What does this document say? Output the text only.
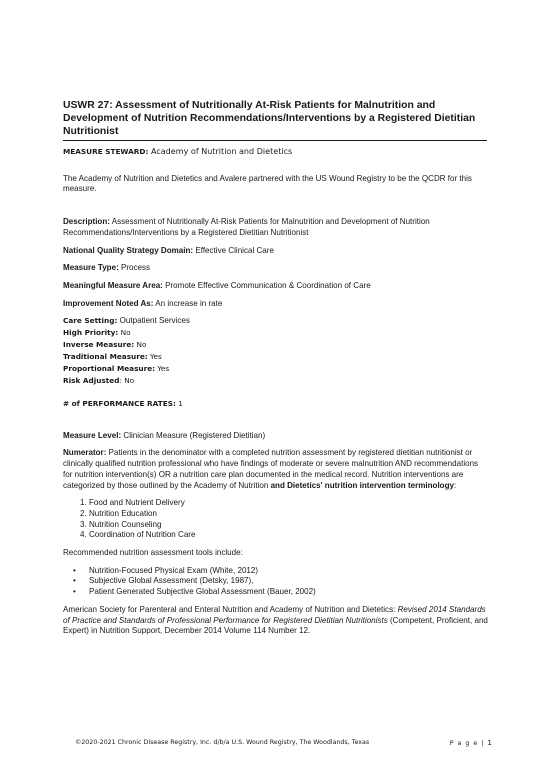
USWR 27: Assessment of Nutritionally At-Risk Patients for Malnutrition and Development of Nutrition Recommendations/Interventions by a Registered Dietitian Nutritionist

MEASURE STEWARD: Academy of Nutrition and Dietetics

The Academy of Nutrition and Dietetics and Avalere partnered with the US Wound Registry to be the QCDR for this measure.

Description: Assessment of Nutritionally At-Risk Patients for Malnutrition and Development of Nutrition Recommendations/Interventions by a Registered Dietitian Nutritionist

National Quality Strategy Domain: Effective Clinical Care

Measure Type: Process

Meaningful Measure Area: Promote Effective Communication & Coordination of Care

Improvement Noted As: An increase in rate

Care Setting: Outpatient Services

High Priority: No

Inverse Measure: No

Traditional Measure: Yes

Proportional Measure: Yes

Risk Adjusted: No

# of PERFORMANCE RATES: 1

Measure Level: Clinician Measure (Registered Dietitian)

Numerator: Patients in the denominator with a completed nutrition assessment by registered dietitian nutritionist or clinically qualified nutrition professional who have findings of moderate or severe malnutrition AND recommendations for nutrition intervention(s) OR a nutrition care plan documented in the medical record. Nutrition interventions are categorized by those outlined by the Academy of Nutrition and Dietetics' nutrition intervention terminology:

1. Food and Nutrient Delivery
2. Nutrition Education
3. Nutrition Counseling
4. Coordination of Nutrition Care

Recommended nutrition assessment tools include:

• Nutrition-Focused Physical Exam (White, 2012)
• Subjective Global Assessment (Detsky, 1987),
• Patient Generated Subjective Global Assessment (Bauer, 2002)

American Society for Parenteral and Enteral Nutrition and Academy of Nutrition and Dietetics: Revised 2014 Standards of Practice and Standards of Professional Performance for Registered Dietitian Nutritionists (Competent, Proficient, and Expert) in Nutrition Support, December 2014 Volume 114 Number 12.

©2020-2021 Chronic Disease Registry, Inc. d/b/a U.S. Wound Registry, The Woodlands, Texas	P a g e | 1
